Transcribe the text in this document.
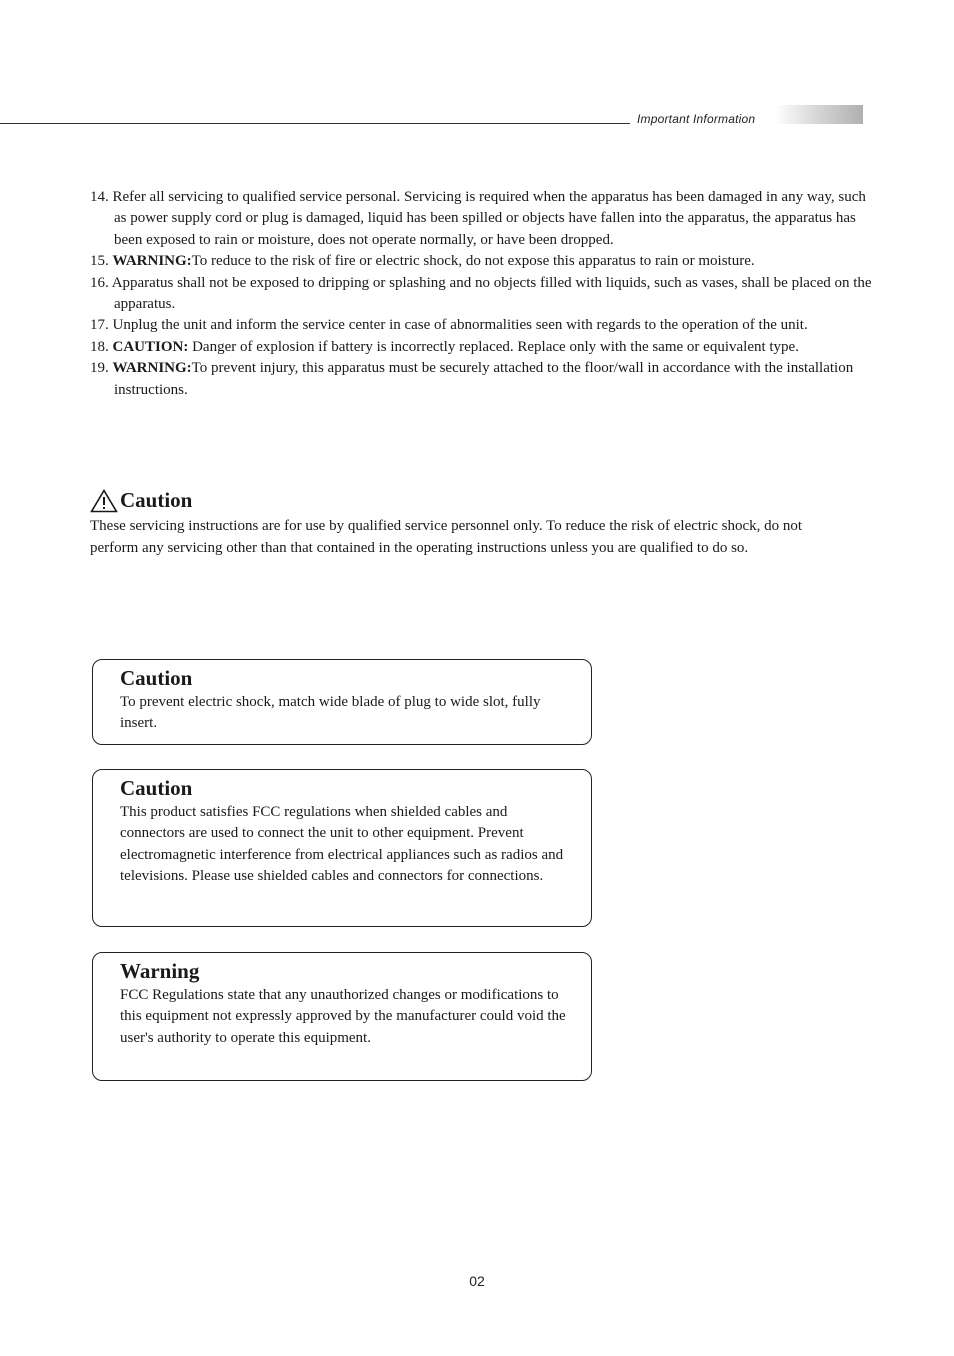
Important Information
14. Refer all servicing to qualified service personal. Servicing is required when the apparatus has been damaged in any way, such as power supply cord or plug is damaged, liquid has been spilled or objects have fallen into the apparatus, the apparatus has been exposed to rain or moisture, does not operate normally, or have been dropped.
15. WARNING:To reduce to the risk of fire or electric shock, do not expose this apparatus to rain or moisture.
16. Apparatus shall not be exposed to dripping or splashing and no objects filled with liquids, such as vases, shall be placed on the apparatus.
17. Unplug the unit and inform the service center in case of abnormalities seen with regards to the operation of the unit.
18. CAUTION: Danger of explosion if battery is incorrectly replaced. Replace only with the same or equivalent type.
19. WARNING:To prevent injury, this apparatus must be securely attached to the floor/wall in accordance with the installation instructions.
Caution
These servicing instructions are for use by qualified service personnel only. To reduce the risk of electric shock, do not perform any servicing other than that contained in the operating instructions unless you are qualified to do so.
Caution

To prevent electric shock, match wide blade of plug to wide slot, fully insert.

Caution

This product satisfies FCC regulations when shielded cables and connectors are used to connect the unit to other equipment. Prevent electromagnetic interference from electrical appliances such as radios and televisions. Please use shielded cables and connectors for connections.

Warning

FCC Regulations state that any unauthorized changes or modifications to this equipment not expressly approved by the manufacturer could void the user's authority to operate this equipment.

02
